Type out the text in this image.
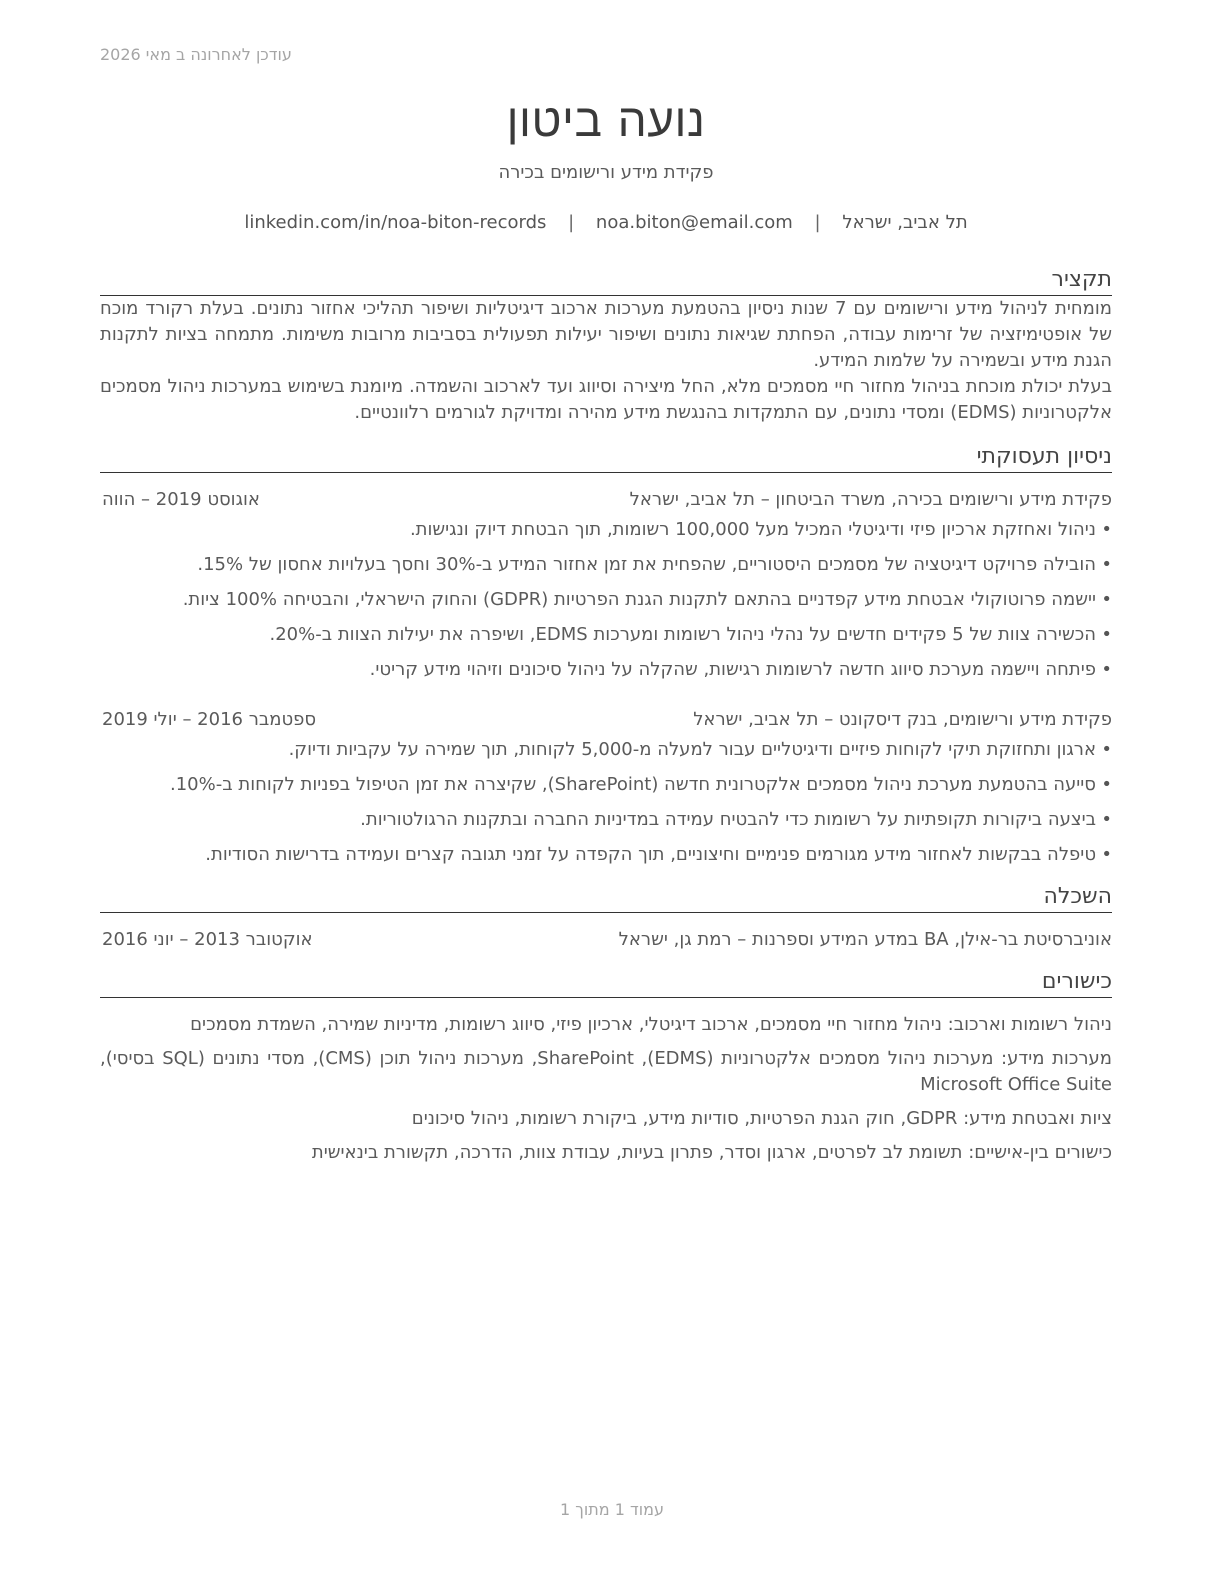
עודכן לאחרונה ב מאי 2026
נועה ביטון
פקידת מידע ורישומים בכירה
תל אביב, ישראל | noa.biton@email.com | linkedin.com/in/noa-biton-records
תקציר

מומחית לניהול מידע ורישומים עם 7 שנות ניסיון בהטמעת מערכות ארכוב דיגיטליות ושיפור תהליכי אחזור נתונים. בעלת רקורד מוכח של אופטימיזציה של זרימות עבודה, הפחתת שגיאות נתונים ושיפור יעילות תפעולית בסביבות מרובות משימות. מתמחה בציות לתקנות הגנת מידע ובשמירה על שלמות המידע.

בעלת יכולת מוכחת בניהול מחזור חיי מסמכים מלא, החל מיצירה וסיווג ועד לארכוב והשמדה. מיומנת בשימוש במערכות ניהול מסמכים אלקטרוניות (EDMS) ומסדי נתונים, עם התמקדות בהנגשת מידע מהירה ומדויקת לגורמים רלוונטיים.

ניסיון תעסוקתי
פקידת מידע ורישומים בכירה, משרד הביטחון – תל אביב, ישראל
אוגוסט 2019 – הווה
• ניהול ואחזקת ארכיון פיזי ודיגיטלי המכיל מעל 100,000 רשומות, תוך הבטחת דיוק ונגישות.
• הובילה פרויקט דיגיטציה של מסמכים היסטוריים, שהפחית את זמן אחזור המידע ב-30% וחסך בעלויות אחסון של 15%.
• יישמה פרוטוקולי אבטחת מידע קפדניים בהתאם לתקנות הגנת הפרטיות (GDPR) והחוק הישראלי, והבטיחה 100% ציות.
• הכשירה צוות של 5 פקידים חדשים על נהלי ניהול רשומות ומערכות EDMS, ושיפרה את יעילות הצוות ב-20%.
• פיתחה ויישמה מערכת סיווג חדשה לרשומות רגישות, שהקלה על ניהול סיכונים וזיהוי מידע קריטי.
פקידת מידע ורישומים, בנק דיסקונט – תל אביב, ישראל
ספטמבר 2016 – יולי 2019
• ארגון ותחזוקת תיקי לקוחות פיזיים ודיגיטליים עבור למעלה מ-5,000 לקוחות, תוך שמירה על עקביות ודיוק.
• סייעה בהטמעת מערכת ניהול מסמכים אלקטרונית חדשה (SharePoint), שקיצרה את זמן הטיפול בפניות לקוחות ב-10%.
• ביצעה ביקורות תקופתיות על רשומות כדי להבטיח עמידה במדיניות החברה ובתקנות הרגולטוריות.
• טיפלה בבקשות לאחזור מידע מגורמים פנימיים וחיצוניים, תוך הקפדה על זמני תגובה קצרים ועמידה בדרישות הסודיות.
השכלה
אוניברסיטת בר-אילן, BA במדע המידע וספרנות – רמת גן, ישראל
אוקטובר 2013 – יוני 2016
כישורים
ניהול רשומות וארכוב: ניהול מחזור חיי מסמכים, ארכוב דיגיטלי, ארכיון פיזי, סיווג רשומות, מדיניות שמירה, השמדת מסמכים
מערכות מידע: מערכות ניהול מסמכים אלקטרוניות (EDMS), SharePoint, מערכות ניהול תוכן (CMS), מסדי נתונים (SQL בסיסי), Microsoft Office Suite
ציות ואבטחת מידע: GDPR, חוק הגנת הפרטיות, סודיות מידע, ביקורת רשומות, ניהול סיכונים
כישורים בין-אישיים: תשומת לב לפרטים, ארגון וסדר, פתרון בעיות, עבודת צוות, הדרכה, תקשורת בינאישית
עמוד 1 מתוך 1
